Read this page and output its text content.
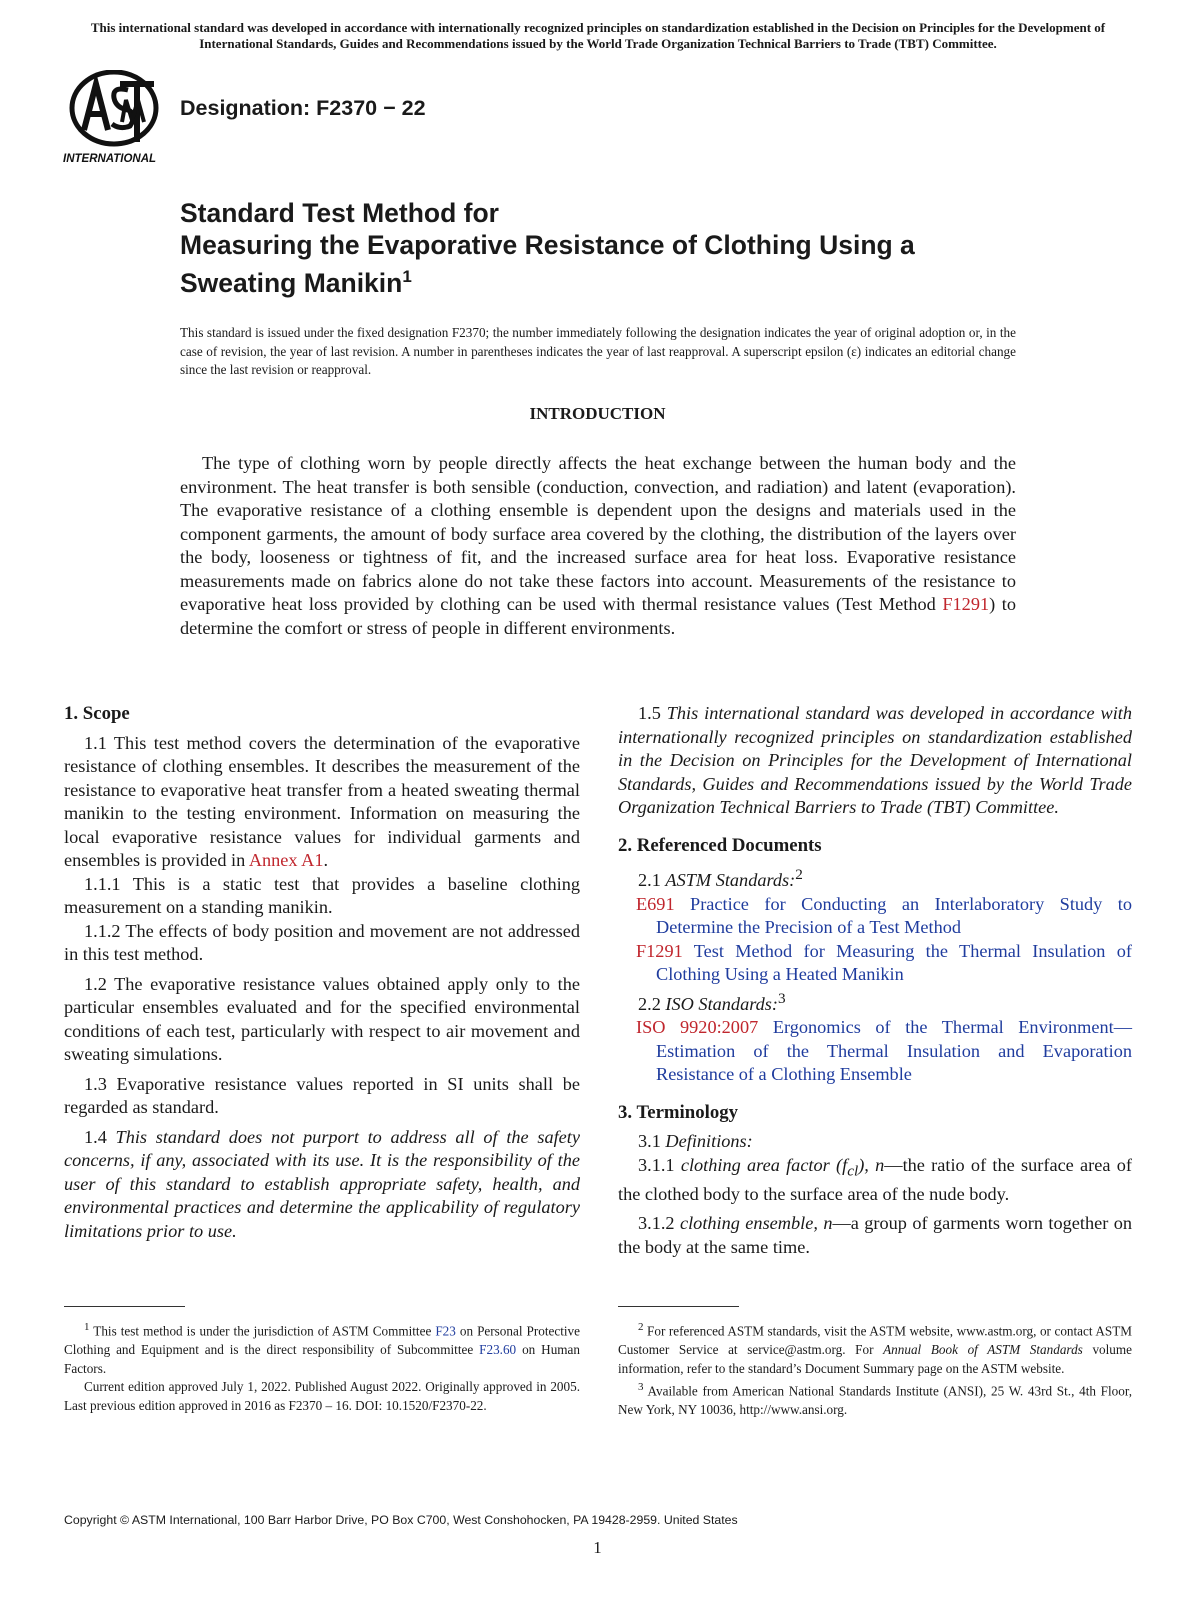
This international standard was developed in accordance with internationally recognized principles on standardization established in the Decision on Principles for the Development of International Standards, Guides and Recommendations issued by the World Trade Organization Technical Barriers to Trade (TBT) Committee.
INTERNATIONAL
Designation: F2370 − 22
Standard Test Method for
Measuring the Evaporative Resistance of Clothing Using a
Sweating Manikin$^1$
This standard is issued under the fixed designation F2370; the number immediately following the designation indicates the year of original adoption or, in the case of revision, the year of last revision. A number in parentheses indicates the year of last reapproval. A superscript epsilon (ε) indicates an editorial change since the last revision or reapproval.
INTRODUCTION
The type of clothing worn by people directly affects the heat exchange between the human body and the environment. The heat transfer is both sensible (conduction, convection, and radiation) and latent (evaporation). The evaporative resistance of a clothing ensemble is dependent upon the designs and materials used in the component garments, the amount of body surface area covered by the clothing, the distribution of the layers over the body, looseness or tightness of fit, and the increased surface area for heat loss. Evaporative resistance measurements made on fabrics alone do not take these factors into account. Measurements of the resistance to evaporative heat loss provided by clothing can be used with thermal resistance values (Test Method F1291) to determine the comfort or stress of people in different environments.
1. Scope

1.1 This test method covers the determination of the evaporative resistance of clothing ensembles. It describes the measurement of the resistance to evaporative heat transfer from a heated sweating thermal manikin to the testing environment. Information on measuring the local evaporative resistance values for individual garments and ensembles is provided in Annex A1.

1.1.1 This is a static test that provides a baseline clothing measurement on a standing manikin.

1.1.2 The effects of body position and movement are not addressed in this test method.

1.2 The evaporative resistance values obtained apply only to the particular ensembles evaluated and for the specified environmental conditions of each test, particularly with respect to air movement and sweating simulations.

1.3 Evaporative resistance values reported in SI units shall be regarded as standard.

1.4 This standard does not purport to address all of the safety concerns, if any, associated with its use. It is the responsibility of the user of this standard to establish appropriate safety, health, and environmental practices and determine the applicability of regulatory limitations prior to use.

1.5 This international standard was developed in accordance with internationally recognized principles on standardization established in the Decision on Principles for the Development of International Standards, Guides and Recommendations issued by the World Trade Organization Technical Barriers to Trade (TBT) Committee.

2. Referenced Documents

2.1 ASTM Standards:$^2$

E691 Practice for Conducting an Interlaboratory Study to Determine the Precision of a Test Method

F1291 Test Method for Measuring the Thermal Insulation of Clothing Using a Heated Manikin

2.2 ISO Standards:$^3$

ISO 9920:2007 Ergonomics of the Thermal Environment—Estimation of the Thermal Insulation and Evaporation Resistance of a Clothing Ensemble

3. Terminology

3.1 Definitions:

3.1.1 clothing area factor $(f_{cl})$, n—the ratio of the surface area of the clothed body to the surface area of the nude body.

3.1.2 clothing ensemble, n—a group of garments worn together on the body at the same time.

$^1$ This test method is under the jurisdiction of ASTM Committee F23 on Personal Protective Clothing and Equipment and is the direct responsibility of Subcommittee F23.60 on Human Factors.

Current edition approved July 1, 2022. Published August 2022. Originally approved in 2005. Last previous edition approved in 2016 as F2370 – 16. DOI: 10.1520/F2370-22.

$^2$ For referenced ASTM standards, visit the ASTM website, www.astm.org, or contact ASTM Customer Service at service@astm.org. For Annual Book of ASTM Standards volume information, refer to the standard’s Document Summary page on the ASTM website.

$^3$ Available from American National Standards Institute (ANSI), 25 W. 43rd St., 4th Floor, New York, NY 10036, http://www.ansi.org.

Copyright © ASTM International, 100 Barr Harbor Drive, PO Box C700, West Conshohocken, PA 19428-2959. United States
1
